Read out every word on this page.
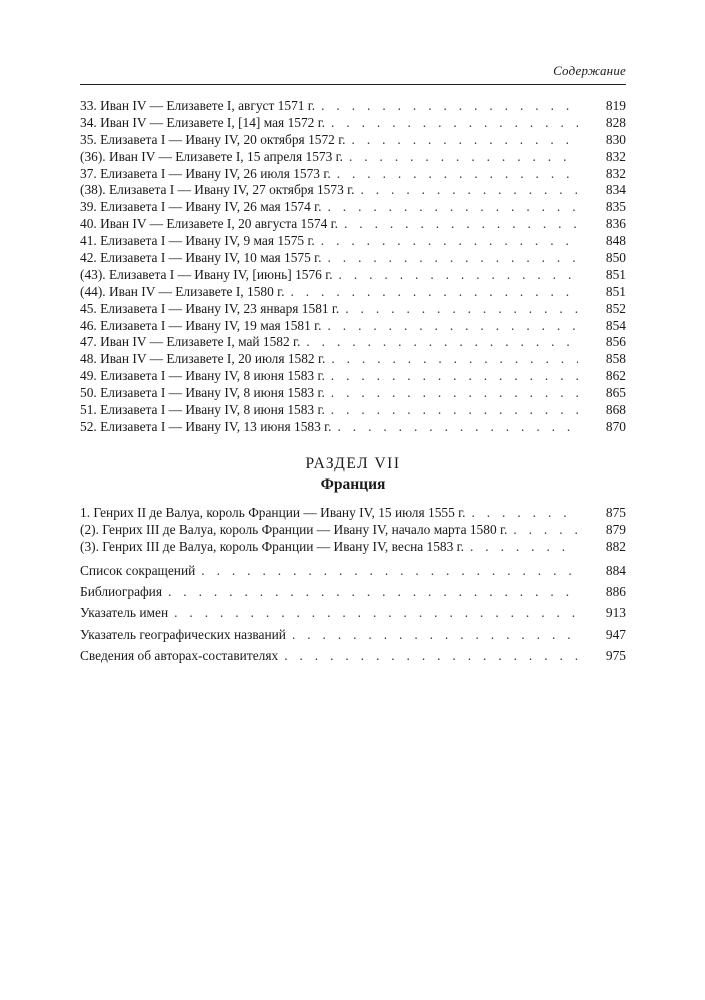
Содержание
33. Иван IV — Елизавете I, август 1571 г. . . .	819
34. Иван IV — Елизавете I, [14] мая 1572 г. . . .	828
35. Елизавета I — Ивану IV, 20 октября 1572 г. . . .	830
(36). Иван IV — Елизавете I, 15 апреля 1573 г. . . .	832
37. Елизавета I — Ивану IV, 26 июля 1573 г. . . .	832
(38). Елизавета I — Ивану IV, 27 октября 1573 г. . . .	834
39. Елизавета I — Ивану IV, 26 мая 1574 г. . . .	835
40. Иван IV — Елизавете I, 20 августа 1574 г. . . .	836
41. Елизавета I — Ивану IV, 9 мая 1575 г. . . .	848
42. Елизавета I — Ивану IV, 10 мая 1575 г. . . .	850
(43). Елизавета I — Ивану IV, [июнь] 1576 г. . . .	851
(44). Иван IV — Елизавете I, 1580 г. . . .	851
45. Елизавета I — Ивану IV, 23 января 1581 г. . . .	852
46. Елизавета I — Ивану IV, 19 мая 1581 г. . . .	854
47. Иван IV — Елизавете I, май 1582 г. . . .	856
48. Иван IV — Елизавете I, 20 июля 1582 г. . . .	858
49. Елизавета I — Ивану IV, 8 июня 1583 г. . . .	862
50. Елизавета I — Ивану IV, 8 июня 1583 г. . . .	865
51. Елизавета I — Ивану IV, 8 июня 1583 г. . . .	868
52. Елизавета I — Ивану IV, 13 июня 1583 г. . . .	870
РАЗДЕЛ VII
Франция
1. Генрих II де Валуа, король Франции — Ивану IV, 15 июля 1555 г. . . .	875
(2). Генрих III де Валуа, король Франции — Ивану IV, начало марта 1580 г. . . .	879
(3). Генрих III де Валуа, король Франции — Ивану IV, весна 1583 г. . . .	882
Список сокращений . . .	884
Библиография . . .	886
Указатель имен . . .	913
Указатель географических названий . . .	947
Сведения об авторах-составителях . . .	975
